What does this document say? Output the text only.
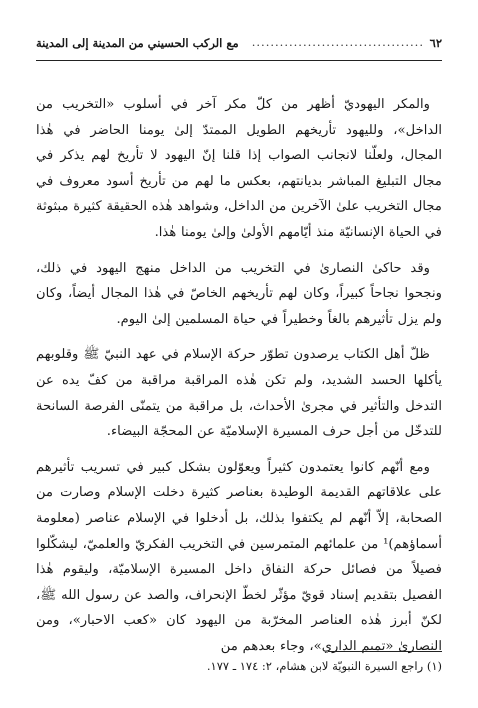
٦٢
.....................................
مع الركب الحسيني من المدينة إلى المدينة

والمكر اليهوديّ أظهر من كلّ مكر آخر في أسلوب «التخريب من الداخل»، ولليهود تأريخهم الطويل الممتدّ إلىٰ يومنا الحاضر في هٰذا المجال، ولعلّنا لانجانب الصواب إذا قلنا إنّ اليهود لا تأريخ لهم يذكر في مجال التبليغ المباشر بديانتهم، بعكس ما لهم من تأريخ أسود معروف في مجال التخريب علىٰ الآخرين من الداخل، وشواهد هٰذه الحقيقة كثيرة مبثوثة في الحياة الإنسانيّة منذ أيّامهم الأولىٰ وإلىٰ يومنا هٰذا.

وقد حاكىٰ النصارىٰ في التخريب من الداخل منهج اليهود في ذلك، ونجحوا نجاحاً كبيراً، وكان لهم تأريخهم الخاصّ في هٰذا المجال أيضاً، وكان ولم يزل تأثيرهم بالغاً وخطيراً في حياة المسلمين إلىٰ اليوم.

ظلّ أهل الكتاب يرصدون تطوّر حركة الإسلام في عهد النبيّ ﷺ وقلوبهم يأكلها الحسد الشديد، ولم تكن هٰذه المراقبة مراقبة من كفّ يده عن التدخل والتأثير في مجرىٰ الأحداث، بل مراقبة من يتمنّى الفرصة السانحة للتدخّل من أجل حرف المسيرة الإسلاميّة عن المحجّة البيضاء.

ومع أنّهم كانوا يعتمدون كثيراً ويعوّلون بشكل كبير في تسريب تأثيرهم على علاقاتهم القديمة الوطيدة بعناصر كثيرة دخلت الإسلام وصارت من الصحابة، إلاّ أنّهم لم يكتفوا بذلك، بل أدخلوا في الإسلام عناصر (معلومة أسماؤهم)¹ من علمائهم المتمرسين في التخريب الفكريّ والعلميّ، ليشكّلوا فصيلاً من فصائل حركة النفاق داخل المسيرة الإسلاميّة، وليقوم هٰذا الفصيل بتقديم إسناد قويّ مؤثّر لخطّ الإنحراف، والصد عن رسول الله ﷺ، لكنّ أبرز هٰذه العناصر المخرّبة من اليهود كان «كعب الاحبار»، ومن النصارىٰ «تميم الداري»، وجاء بعدهم من

(١) راجع السيرة النبويّة لابن هشام، ٢: ١٧٤ ـ ١٧٧.
